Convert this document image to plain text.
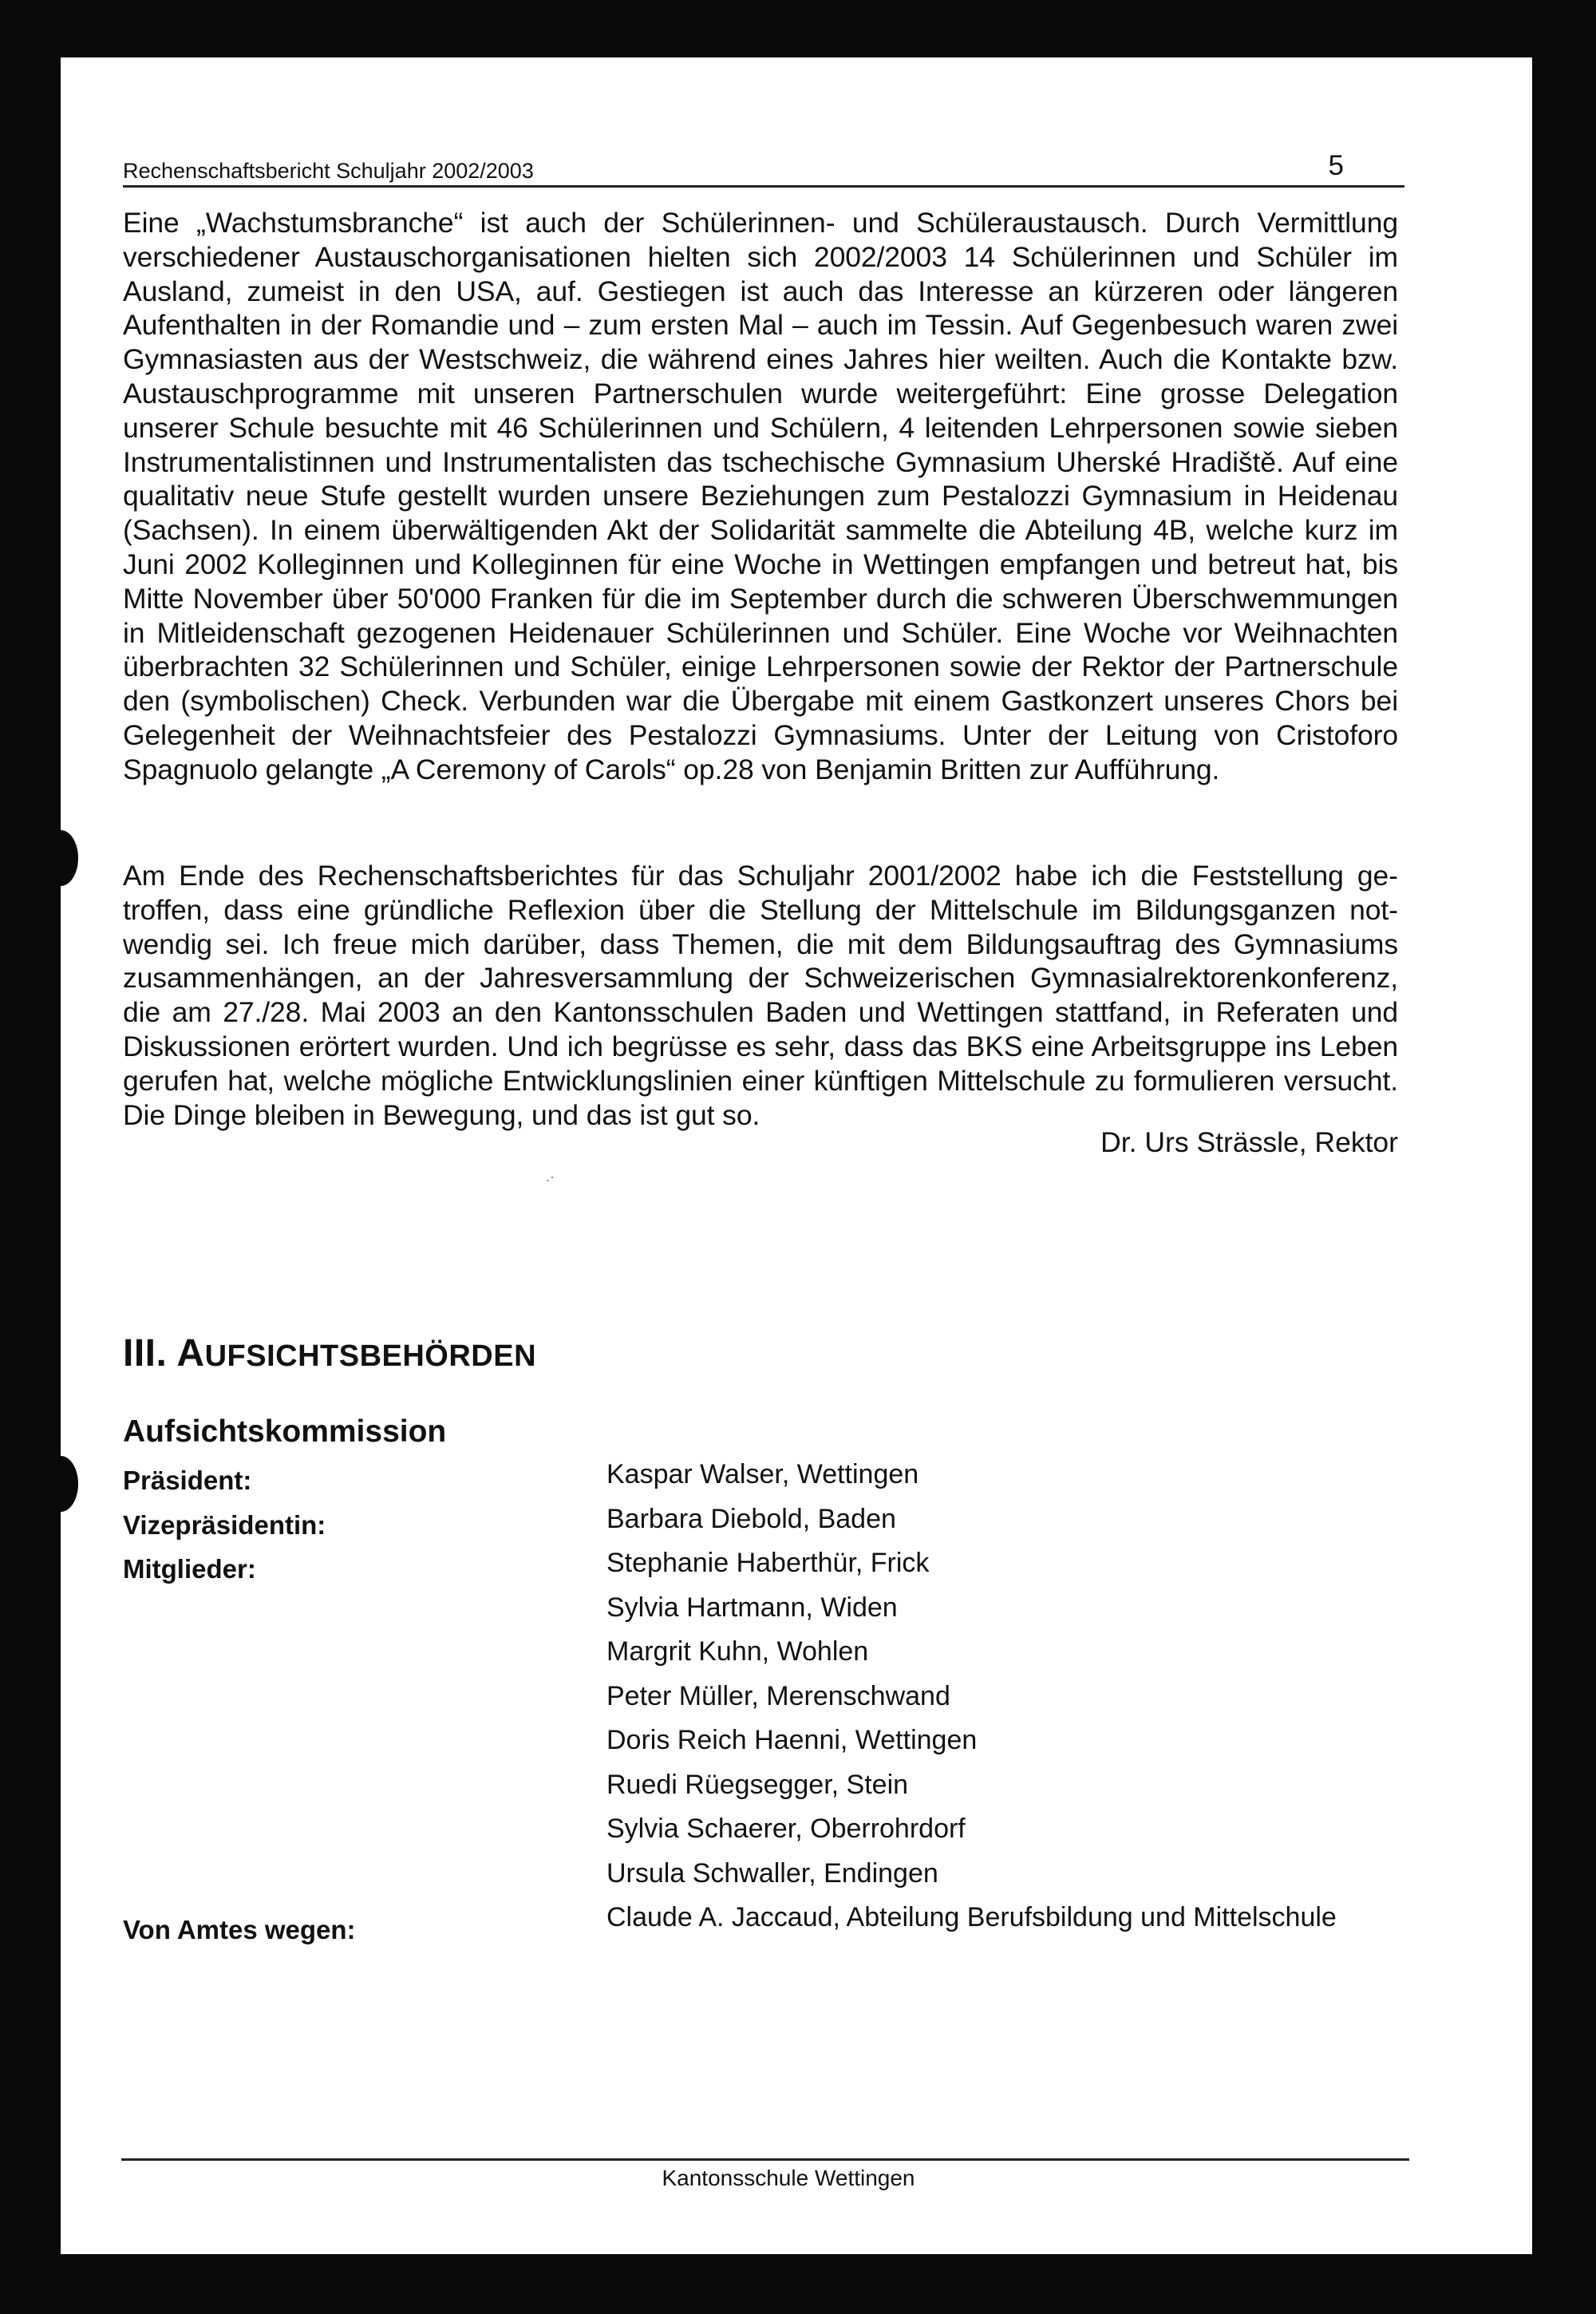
Rechenschaftsbericht Schuljahr 2002/2003	5

Eine „Wachstumsbranche“ ist auch der Schülerinnen- und Schüleraustausch. Durch Vermittlung verschiedener Austauschorganisationen hielten sich 2002/2003 14 Schülerinnen und Schüler im Ausland, zumeist in den USA, auf. Gestiegen ist auch das Interesse an kürzeren oder längeren Aufenthalten in der Romandie und – zum ersten Mal – auch im Tessin. Auf Gegenbesuch waren zwei Gymnasiasten aus der Westschweiz, die während eines Jahres hier weilten. Auch die Kontakte bzw. Austauschprogramme mit unseren Partnerschulen wurde weitergeführt: Eine grosse Delegation unserer Schule besuchte mit 46 Schülerinnen und Schülern, 4 leitenden Lehrpersonen sowie sieben Instrumentalistinnen und Instrumentalisten das tschechische Gymnasium Uherské Hradiště. Auf eine qualitativ neue Stufe gestellt wurden unsere Beziehungen zum Pestalozzi Gymnasium in Heidenau (Sachsen). In einem überwältigenden Akt der Solidarität sammelte die Abteilung 4B, welche kurz im Juni 2002 Kolleginnen und Kolleginnen für eine Woche in Wettingen empfangen und betreut hat, bis Mitte November über 50'000 Franken für die im September durch die schweren Überschwemmungen in Mitleidenschaft gezogenen Heidenauer Schülerinnen und Schüler. Eine Woche vor Weihnachten überbrachten 32 Schülerinnen und Schüler, einige Lehrpersonen sowie der Rektor der Partnerschule den (symbolischen) Check. Verbunden war die Übergabe mit einem Gastkonzert unseres Chors bei Gelegenheit der Weihnachtsfeier des Pestalozzi Gymnasiums. Unter der Leitung von Cristoforo Spagnuolo gelangte „A Ceremony of Carols“ op.28 von Benjamin Britten zur Aufführung.

Am Ende des Rechenschaftsberichtes für das Schuljahr 2001/2002 habe ich die Feststellung getroffen, dass eine gründliche Reflexion über die Stellung der Mittelschule im Bildungsganzen notwendig sei. Ich freue mich darüber, dass Themen, die mit dem Bildungsauftrag des Gymnasiums zusammenhängen, an der Jahresversammlung der Schweizerischen Gymnasialrektorenkonferenz, die am 27./28. Mai 2003 an den Kantonsschulen Baden und Wettingen stattfand, in Referaten und Diskussionen erörtert wurden. Und ich begrüsse es sehr, dass das BKS eine Arbeitsgruppe ins Leben gerufen hat, welche mögliche Entwicklungslinien einer künftigen Mittelschule zu formulieren versucht. Die Dinge bleiben in Bewegung, und das ist gut so.

Dr. Urs Strässle, Rektor
.·
III. AUFSICHTSBEHÖRDEN
Aufsichtskommission
Präsident:	Kaspar Walser, Wettingen
Vizepräsidentin:	Barbara Diebold, Baden
Mitglieder:	Stephanie Haberthür, Frick
Sylvia Hartmann, Widen
Margrit Kuhn, Wohlen
Peter Müller, Merenschwand
Doris Reich Haenni, Wettingen
Ruedi Rüegsegger, Stein
Sylvia Schaerer, Oberrohrdorf
Ursula Schwaller, Endingen
Von Amtes wegen:	Claude A. Jaccaud, Abteilung Berufsbildung und Mittelschule
Kantonsschule Wettingen
